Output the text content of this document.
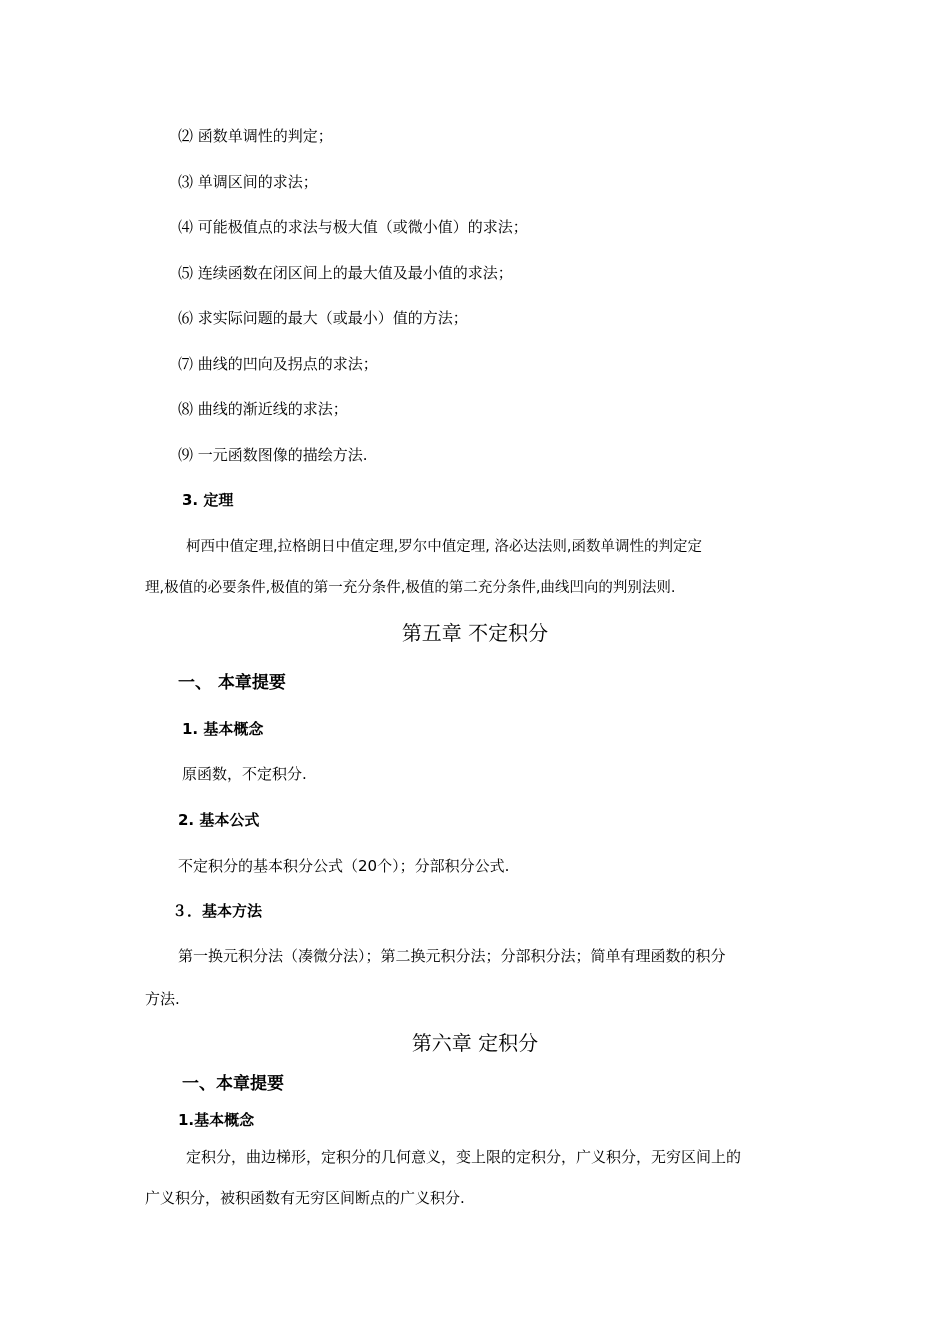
⑵ 函数单调性的判定；
⑶ 单调区间的求法；
⑷ 可能极值点的求法与极大值（或微小值）的求法；
⑸ 连续函数在闭区间上的最大值及最小值的求法；
⑹ 求实际问题的最大（或最小）值的方法；
⑺ 曲线的凹向及拐点的求法；
⑻ 曲线的渐近线的求法；
⑼ 一元函数图像的描绘方法.
3. 定理
柯西中值定理,拉格朗日中值定理,罗尔中值定理, 洛必达法则,函数单调性的判定定
理,极值的必要条件,极值的第一充分条件,极值的第二充分条件,曲线凹向的判别法则.
第五章 不定积分
一、 本章提要
1. 基本概念
原函数，不定积分.
2. 基本公式
不定积分的基本积分公式（20个）；分部积分公式.
３．基本方法
第一换元积分法（凑微分法）；第二换元积分法；分部积分法；简单有理函数的积分
方法.
第六章 定积分
一、本章提要
1.基本概念
定积分，曲边梯形，定积分的几何意义，变上限的定积分，广义积分，无穷区间上的
广义积分，被积函数有无穷区间断点的广义积分.
